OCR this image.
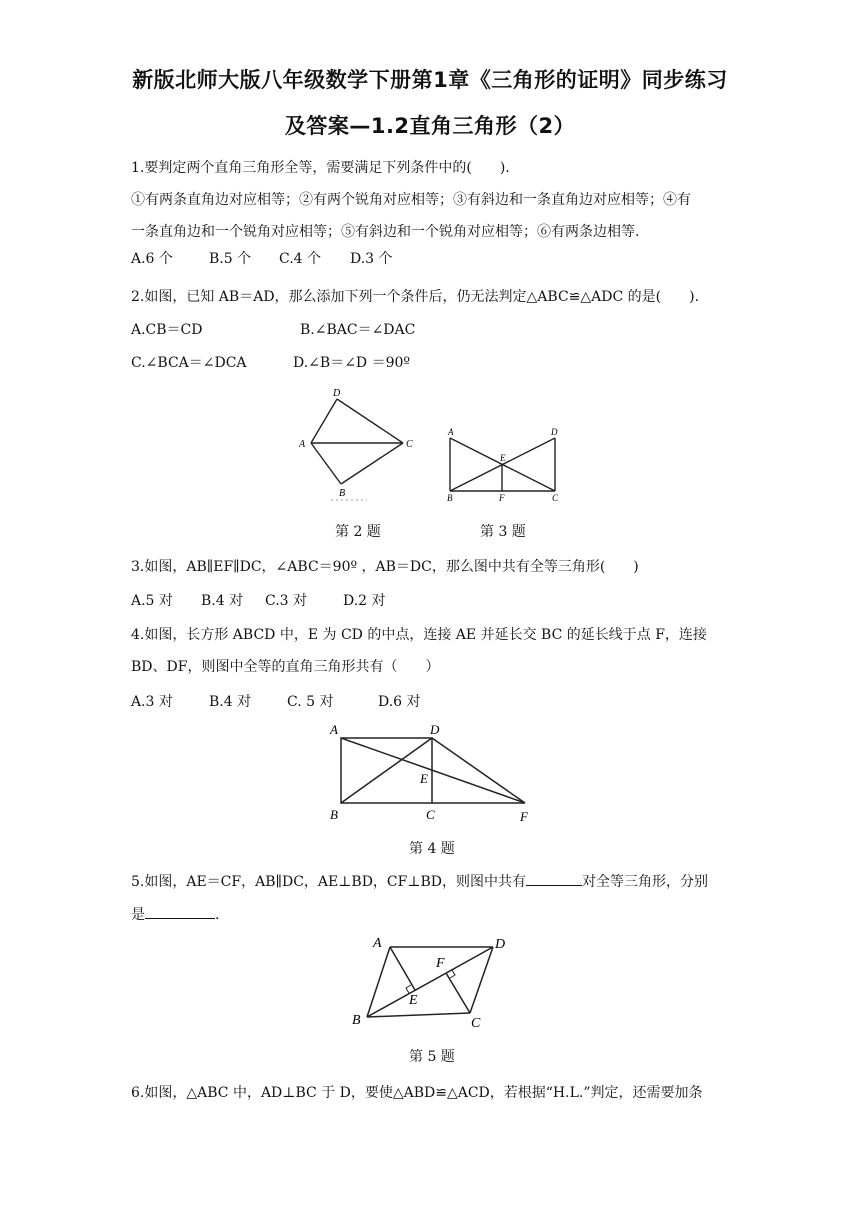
新版北师大版八年级数学下册第1章《三角形的证明》同步练习
及答案—1.2直角三角形（2）
1.要判定两个直角三角形全等，需要满足下列条件中的(　　).
①有两条直角边对应相等；②有两个锐角对应相等；③有斜边和一条直角边对应相等；④有
一条直角边和一个锐角对应相等；⑤有斜边和一个锐角对应相等；⑥有两条边相等.
A.6 个	B.5 个 C.4 个 D.3 个
2.如图，已知 AB＝AD，那么添加下列一个条件后，仍无法判定△ABC≌△ADC 的是(　　).
A.CB＝CD	B.∠BAC＝∠DAC
C.∠BCA＝∠DCA	D.∠B＝∠D ＝90º
D
A	C
B
A	D
E
B	F	C
第 2 题	第 3 题
3.如图，AB∥EF∥DC，∠ABC＝90º ，AB＝DC，那么图中共有全等三角形(　　)
A.5 对 B.4 对 C.3 对	D.2 对
4.如图，长方形 ABCD 中，E 为 CD 的中点，连接 AE 并延长交 BC 的延长线于点 F，连接
BD、DF，则图中全等的直角三角形共有（　　）
A.3 对	B.4 对	C. 5 对	D.6 对
A	D
E
B	C	F
第 4 题
5.如图，AE＝CF，AB∥DC，AE⊥BD，CF⊥BD，则图中共有	对全等三角形，分别
是	.
A	D
F
E
B	C
第 5 题
6.如图，△ABC 中，AD⊥BC 于 D，要使△ABD≌△ACD，若根据“H.L.”判定，还需要加条
